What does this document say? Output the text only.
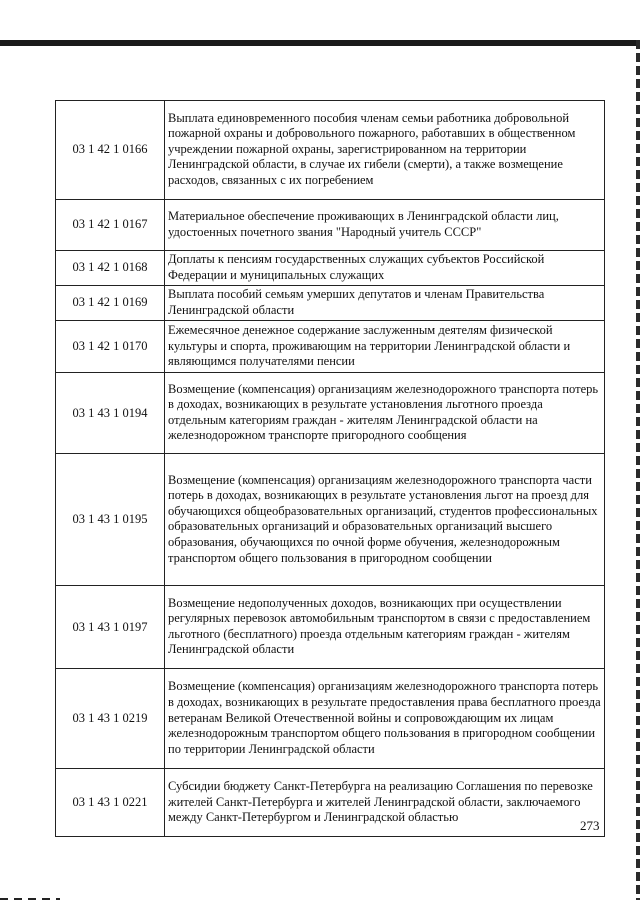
03 1 42 1 0166	Выплата единовременного пособия членам семьи работника добровольной пожарной охраны и добровольного пожарного, работавших в общественном учреждении пожарной охраны, зарегистрированном на территории Ленинградской области, в случае их гибели (смерти), а также возмещение расходов, связанных с их погребением
03 1 42 1 0167	Материальное обеспечение проживающих в Ленинградской области лиц, удостоенных почетного звания "Народный учитель СССР"
03 1 42 1 0168	Доплаты к пенсиям государственных служащих субъектов Российской Федерации и муниципальных служащих
03 1 42 1 0169	Выплата пособий семьям умерших депутатов и членам Правительства Ленинградской области
03 1 42 1 0170	Ежемесячное денежное содержание заслуженным деятелям физической культуры и спорта, проживающим на территории Ленинградской области и являющимся получателями пенсии
03 1 43 1 0194	Возмещение (компенсация) организациям железнодорожного транспорта потерь в доходах, возникающих в результате установления льготного проезда отдельным категориям граждан - жителям Ленинградской области на железнодорожном транспорте пригородного сообщения
03 1 43 1 0195	Возмещение (компенсация) организациям железнодорожного транспорта части потерь в доходах, возникающих в результате установления льгот на проезд для обучающихся общеобразовательных организаций, студентов профессиональных образовательных организаций и образовательных организаций высшего образования, обучающихся по очной форме обучения, железнодорожным транспортом общего пользования в пригородном сообщении
03 1 43 1 0197	Возмещение недополученных доходов, возникающих при осуществлении регулярных перевозок автомобильным транспортом в связи с предоставлением льготного (бесплатного) проезда отдельным категориям граждан - жителям Ленинградской области
03 1 43 1 0219	Возмещение (компенсация) организациям железнодорожного транспорта потерь в доходах, возникающих в результате предоставления права бесплатного проезда ветеранам Великой Отечественной войны и сопровождающим их лицам железнодорожным транспортом общего пользования в пригородном сообщении по территории Ленинградской области
03 1 43 1 0221	Субсидии бюджету Санкт-Петербурга на реализацию Соглашения по перевозке жителей Санкт-Петербурга и жителей Ленинградской области, заключаемого между Санкт-Петербургом и Ленинградской областью
273
